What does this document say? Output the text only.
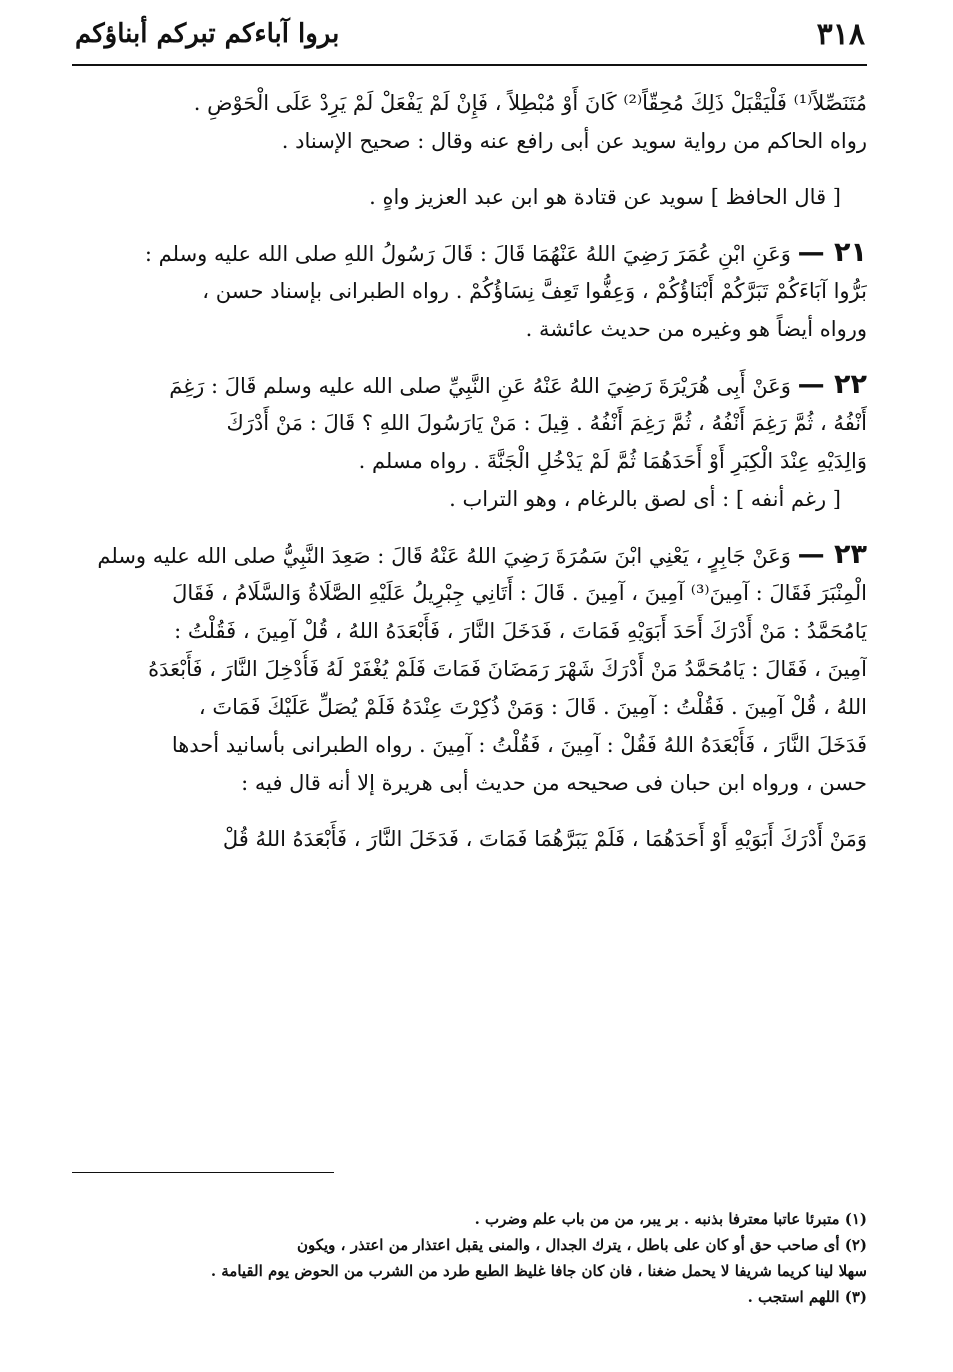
٣١٨
بروا آباءكم تبركم أبناؤكم
مُتَنَصِّلاً⁽¹⁾ فَلْيَقْبَلْ ذَلِكَ مُحِقّاً⁽²⁾ كَانَ أَوْ مُبْطِلاً ، فَإِنْ لَمْ يَفْعَلْ لَمْ يَرِدْ عَلَى الْحَوْضِ .
رواه الحاكم من رواية سويد عن أبى رافع عنه وقال : صحيح الإسناد .
[ قال الحافظ ] سويد عن قتادة هو ابن عبد العزيز واهٍ .
٢١ — وَعَنِ ابْنِ عُمَرَ رَضِيَ اللهُ عَنْهُمَا قَالَ : قَالَ رَسُولُ اللهِ صلى الله عليه وسلم :
بَرُّوا آبَاءَكُمْ تَبَرَّكُمْ أَبْنَاؤُكُمْ ، وَعِفُّوا تَعِفَّ نِسَاؤُكُمْ . رواه الطبرانى بإسناد حسن ،
ورواه أيضاً هو وغيره من حديث عائشة .
٢٢ — وَعَنْ أَبِى هُرَيْرَةَ رَضِيَ اللهُ عَنْهُ عَنِ النَّبِيِّ صلى الله عليه وسلم قَالَ : رَغِمَ
أَنْفُهُ ، ثُمَّ رَغِمَ أَنْفُهُ ، ثُمَّ رَغِمَ أَنْفُهُ . قِيلَ : مَنْ يَارَسُولَ اللهِ ؟ قَالَ : مَنْ أَدْرَكَ
وَالِدَيْهِ عِنْدَ الْكِبَرِ أَوْ أَحَدَهُمَا ثُمَّ لَمْ يَدْخُلِ الْجَنَّةَ . رواه مسلم .
[ رغم أنفه ] : أى لصق بالرغام ، وهو التراب .
٢٣ — وَعَنْ جَابِرٍ ، يَعْنِي ابْنَ سَمُرَةَ رَضِيَ اللهُ عَنْهُ قَالَ : صَعِدَ النَّبِيُّ صلى الله عليه وسلم
الْمِنْبَرَ فَقَالَ : آمِينَ⁽³⁾ آمِينَ ، آمِينَ . قَالَ : أَتَانِي جِبْرِيلُ عَلَيْهِ الصَّلَاةُ وَالسَّلَامُ ، فَقَالَ
يَامُحَمَّدُ : مَنْ أَدْرَكَ أَحَدَ أَبَوَيْهِ فَمَاتَ ، فَدَخَلَ النَّارَ ، فَأَبْعَدَهُ اللهُ ، قُلْ آمِينَ ، فَقُلْتُ :
آمِينَ ، فَقَالَ : يَامُحَمَّدُ مَنْ أَدْرَكَ شَهْرَ رَمَضَانَ فَمَاتَ فَلَمْ يُغْفَرْ لَهُ فَأُدْخِلَ النَّارَ ، فَأَبْعَدَهُ
اللهُ ، قُلْ آمِينَ . فَقُلْتُ : آمِينَ . قَالَ : وَمَنْ ذُكِرْتَ عِنْدَهُ فَلَمْ يُصَلِّ عَلَيْكَ فَمَاتَ ،
فَدَخَلَ النَّارَ ، فَأَبْعَدَهُ اللهُ فَقُلْ : آمِينَ ، فَقُلْتُ : آمِينَ . رواه الطبرانى بأسانيد أحدها
حسن ، ورواه ابن حبان فى صحيحه من حديث أبى هريرة إلا أنه قال فيه :
وَمَنْ أَدْرَكَ أَبَوَيْهِ أَوْ أَحَدَهُمَا ، فَلَمْ يَبَرَّهُمَا فَمَاتَ ، فَدَخَلَ النَّارَ ، فَأَبْعَدَهُ اللهُ قُلْ
(١) متبرئا عاتبا معترفا بذنبه . بر يبر، من من باب علم وضرب .
(٢) أى صاحب حق أو كان على باطل ، يترك الجدال ، والمنى يقبل اعتذار من اعتذر ، ويكون
سهلا لينا كريما شريفا لا يحمل ضغنا ، فان كان جافا غليظ الطبع طرد من الشرب من الحوض يوم القيامة .
(٣) اللهم استجب .
